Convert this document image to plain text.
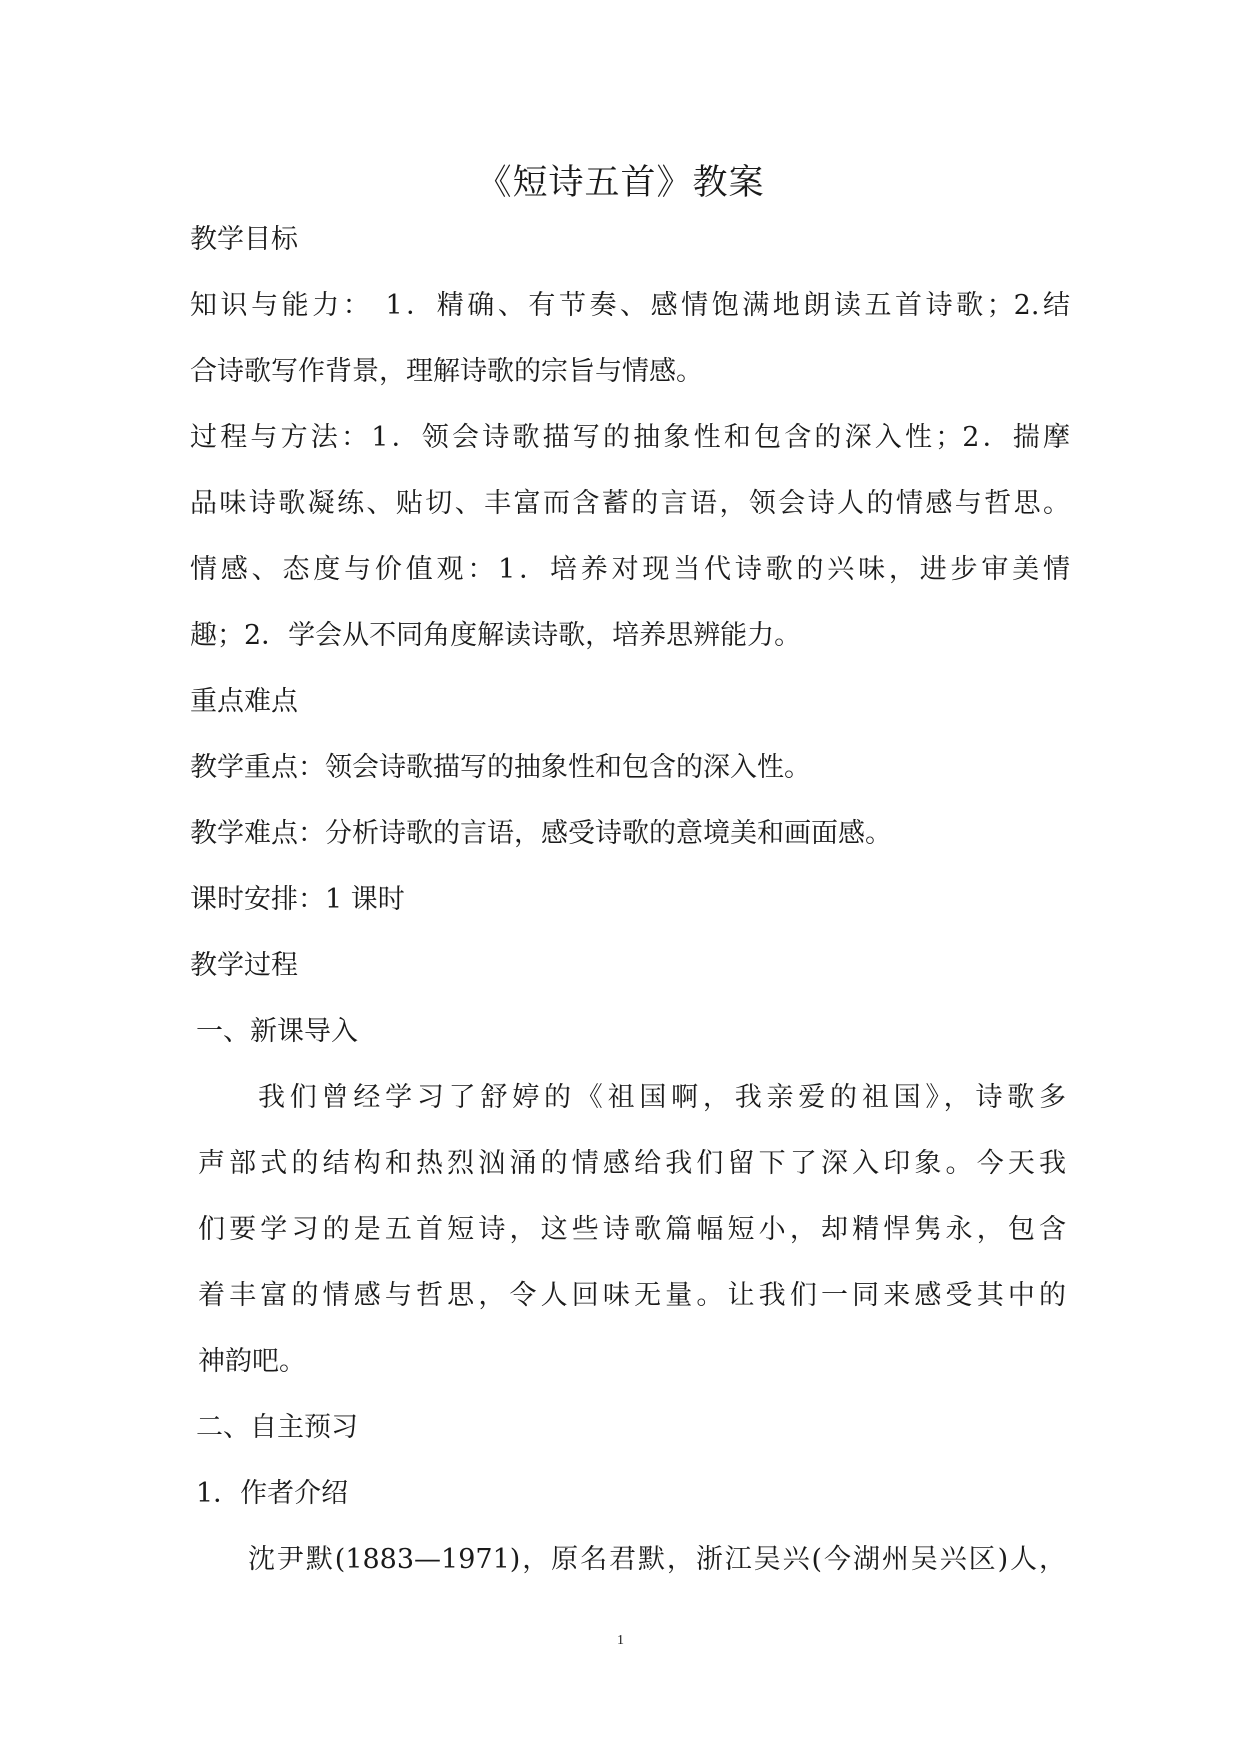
《短诗五首》教案
教学目标
知识与能力： 1．精确、有节奏、感情饱满地朗读五首诗歌；2.结
合诗歌写作背景，理解诗歌的宗旨与情感。
过程与方法：1．领会诗歌描写的抽象性和包含的深入性；2．揣摩
品味诗歌凝练、贴切、丰富而含蓄的言语，领会诗人的情感与哲思。
情感、态度与价值观：1．培养对现当代诗歌的兴味，进步审美情
趣；2．学会从不同角度解读诗歌，培养思辨能力。
重点难点
教学重点：领会诗歌描写的抽象性和包含的深入性。
教学难点：分析诗歌的言语，感受诗歌的意境美和画面感。
课时安排：1 课时
教学过程
一、新课导入
我们曾经学习了舒婷的《祖国啊，我亲爱的祖国》，诗歌多
声部式的结构和热烈汹涌的情感给我们留下了深入印象。今天我
们要学习的是五首短诗，这些诗歌篇幅短小，却精悍隽永，包含
着丰富的情感与哲思，令人回味无量。让我们一同来感受其中的
神韵吧。
二、自主预习
1．作者介绍
沈尹默(1883—1971)，原名君默，浙江吴兴(今湖州吴兴区)人，
1
